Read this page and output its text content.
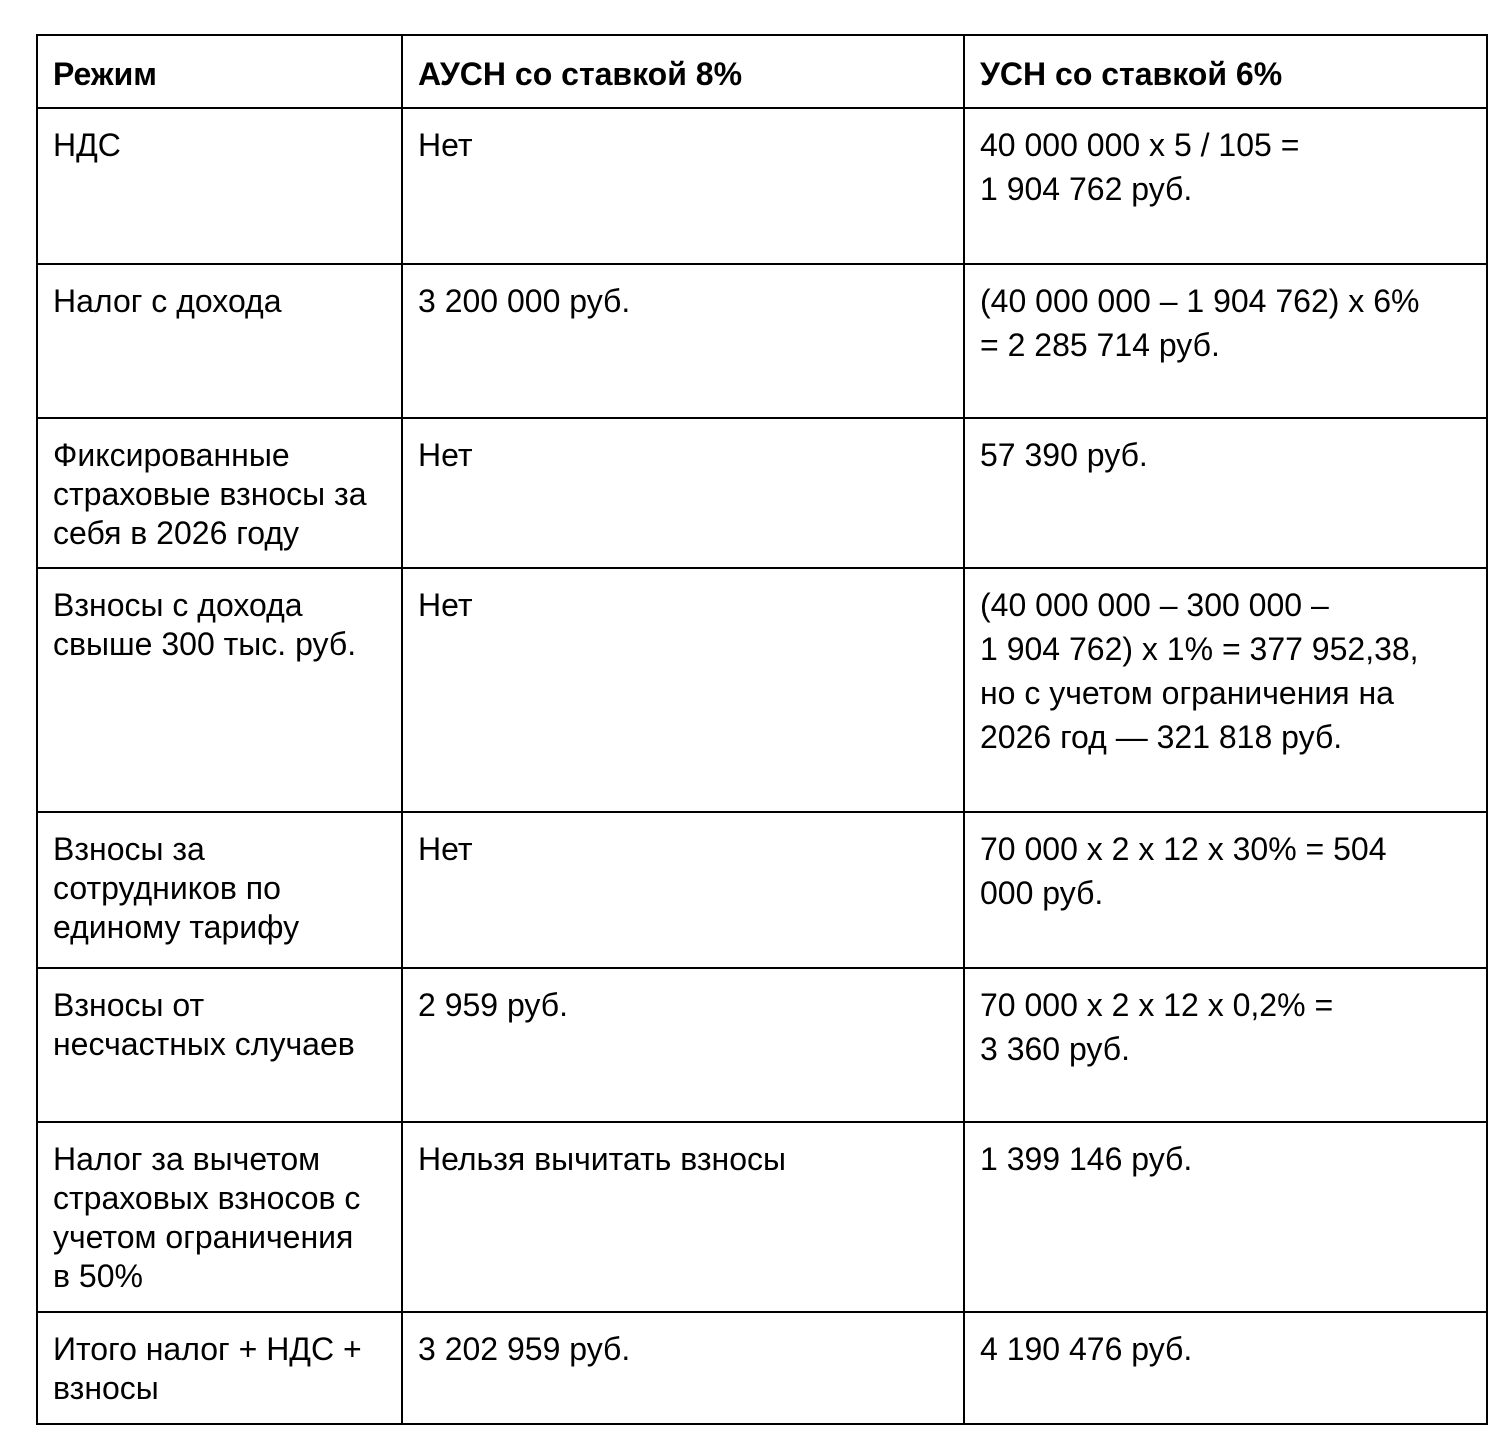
Режим	АУСН со ставкой 8%	УСН со ставкой 6%

НДС	Нет	40 000 000 х 5 / 105 =
1 904 762 руб.

Налог с дохода	3 200 000 руб.	(40 000 000 – 1 904 762) х 6%
= 2 285 714 руб.

Фиксированные
страховые взносы за
себя в 2026 году	Нет	57 390 руб.

Взносы с дохода
свыше 300 тыс. руб.	Нет	(40 000 000 – 300 000 –
1 904 762) х 1% = 377 952,38,
но с учетом ограничения на
2026 год — 321 818 руб.

Взносы за
сотрудников по
единому тарифу	Нет	70 000 х 2 х 12 х 30% = 504
000 руб.

Взносы от
несчастных случаев	2 959 руб.	70 000 х 2 х 12 х 0,2% =
3 360 руб.

Налог за вычетом
страховых взносов с
учетом ограничения
в 50%	Нельзя вычитать взносы	1 399 146 руб.

Итого налог + НДС +
взносы	3 202 959 руб.	4 190 476 руб.
